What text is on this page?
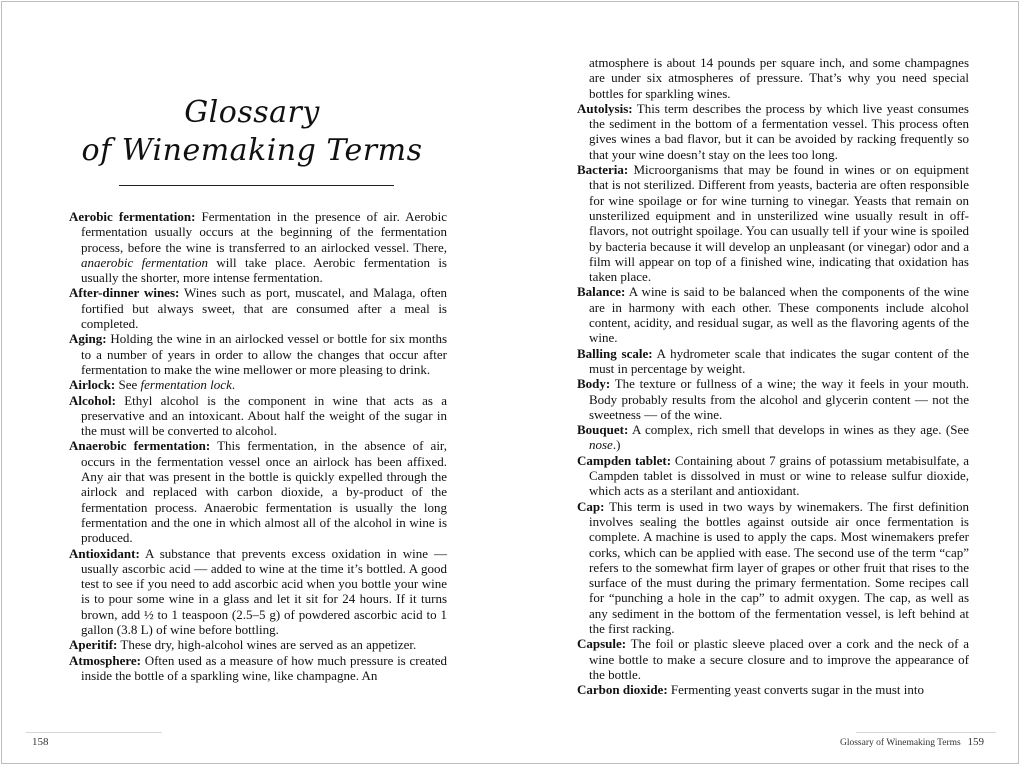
Glossary
of Winemaking Terms

Aerobic fermentation: Fermentation in the presence of air. Aerobic fermentation usually occurs at the beginning of the fermentation process, before the wine is transferred to an airlocked vessel. There, anaerobic fermentation will take place. Aerobic fermentation is usually the shorter, more intense fermentation.

After-dinner wines: Wines such as port, muscatel, and Malaga, often fortified but always sweet, that are consumed after a meal is completed.

Aging: Holding the wine in an airlocked vessel or bottle for six months to a number of years in order to allow the changes that occur after fermentation to make the wine mellower or more pleasing to drink.

Airlock: See fermentation lock.

Alcohol: Ethyl alcohol is the component in wine that acts as a preservative and an intoxicant. About half the weight of the sugar in the must will be converted to alcohol.

Anaerobic fermentation: This fermentation, in the absence of air, occurs in the fermentation vessel once an airlock has been affixed. Any air that was present in the bottle is quickly expelled through the airlock and replaced with carbon dioxide, a by-product of the fermentation process. Anaerobic fermentation is usually the long fermentation and the one in which almost all of the alcohol in wine is produced.

Antioxidant: A substance that prevents excess oxidation in wine — usually ascorbic acid — added to wine at the time it’s bottled. A good test to see if you need to add ascorbic acid when you bottle your wine is to pour some wine in a glass and let it sit for 24 hours. If it turns brown, add ½ to 1 teaspoon (2.5–5 g) of powdered ascorbic acid to 1 gallon (3.8 L) of wine before bottling.

Aperitif: These dry, high-alcohol wines are served as an appetizer.

Atmosphere: Often used as a measure of how much pressure is created inside the bottle of a sparkling wine, like champagne. An

158

atmosphere is about 14 pounds per square inch, and some champagnes are under six atmospheres of pressure. That’s why you need special bottles for sparkling wines.

Autolysis: This term describes the process by which live yeast consumes the sediment in the bottom of a fermentation vessel. This process often gives wines a bad flavor, but it can be avoided by racking frequently so that your wine doesn’t stay on the lees too long.

Bacteria: Microorganisms that may be found in wines or on equipment that is not sterilized. Different from yeasts, bacteria are often responsible for wine spoilage or for wine turning to vinegar. Yeasts that remain on unsterilized equipment and in unsterilized wine usually result in off-flavors, not outright spoilage. You can usually tell if your wine is spoiled by bacteria because it will develop an unpleasant (or vinegar) odor and a film will appear on top of a finished wine, indicating that oxidation has taken place.

Balance: A wine is said to be balanced when the components of the wine are in harmony with each other. These components include alcohol content, acidity, and residual sugar, as well as the flavoring agents of the wine.

Balling scale: A hydrometer scale that indicates the sugar content of the must in percentage by weight.

Body: The texture or fullness of a wine; the way it feels in your mouth. Body probably results from the alcohol and glycerin content — not the sweetness — of the wine.

Bouquet: A complex, rich smell that develops in wines as they age. (See nose.)

Campden tablet: Containing about 7 grains of potassium metabisulfate, a Campden tablet is dissolved in must or wine to release sulfur dioxide, which acts as a sterilant and antioxidant.

Cap: This term is used in two ways by winemakers. The first definition involves sealing the bottles against outside air once fermentation is complete. A machine is used to apply the caps. Most winemakers prefer corks, which can be applied with ease. The second use of the term “cap” refers to the somewhat firm layer of grapes or other fruit that rises to the surface of the must during the primary fermentation. Some recipes call for “punching a hole in the cap” to admit oxygen. The cap, as well as any sediment in the bottom of the fermentation vessel, is left behind at the first racking.

Capsule: The foil or plastic sleeve placed over a cork and the neck of a wine bottle to make a secure closure and to improve the appearance of the bottle.

Carbon dioxide: Fermenting yeast converts sugar in the must into

Glossary of Winemaking Terms 159
